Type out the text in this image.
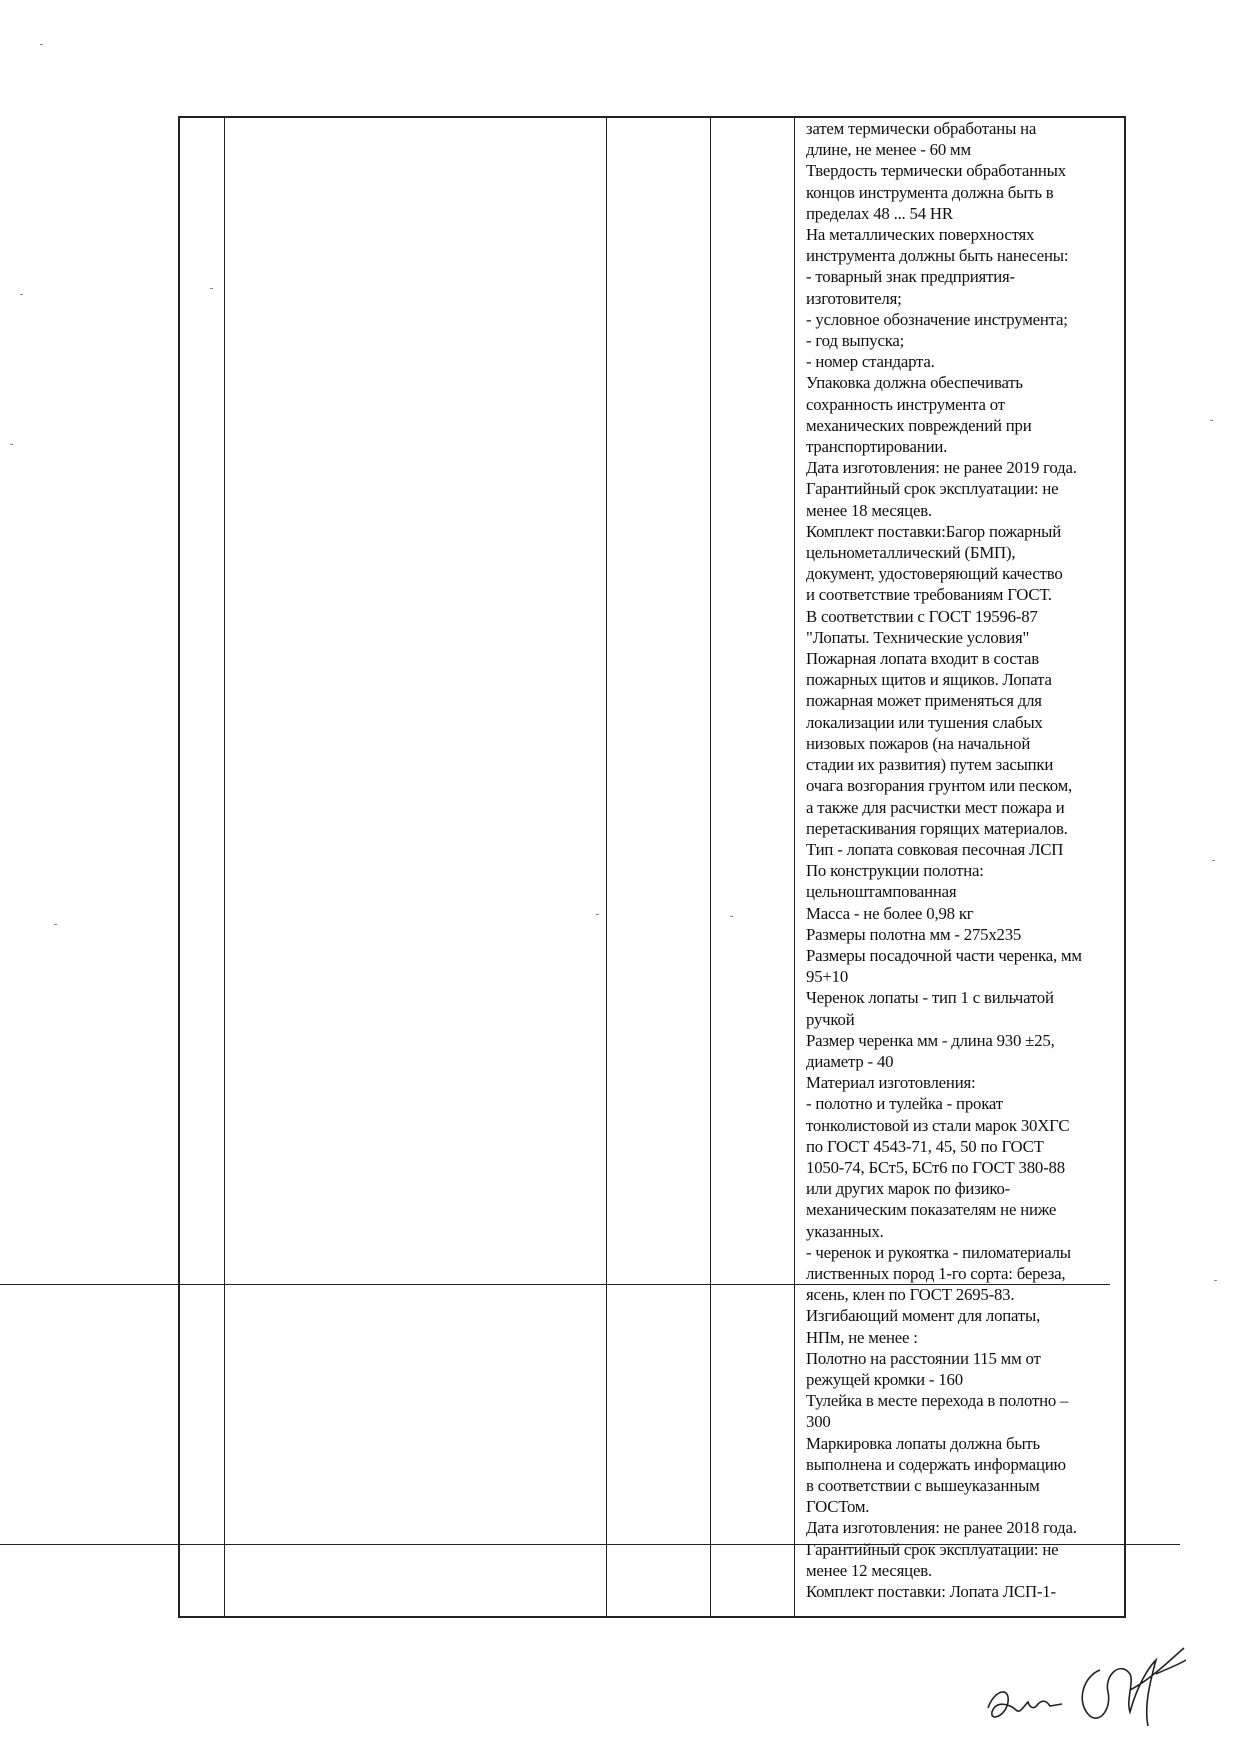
затем термически обработаны на
длине, не менее - 60 мм
Твердость термически обработанных
концов инструмента должна быть в
пределах 48 ... 54 HR
На металлических поверхностях
инструмента должны быть нанесены:
- товарный знак предприятия-
изготовителя;
- условное обозначение инструмента;
- год выпуска;
- номер стандарта.
Упаковка должна обеспечивать
сохранность инструмента от
механических повреждений при
транспортировании.
Дата изготовления: не ранее 2019 года.
Гарантийный срок эксплуатации: не
менее 18 месяцев.
Комплект поставки:Багор пожарный
цельнометаллический (БМП),
документ, удостоверяющий качество
и соответствие требованиям ГОСТ.
В соответствии с ГОСТ 19596-87
"Лопаты. Технические условия"
Пожарная лопата входит в состав
пожарных щитов и ящиков. Лопата
пожарная может применяться для
локализации или тушения слабых
низовых пожаров (на начальной
стадии их развития) путем засыпки
очага возгорания грунтом или песком,
а также для расчистки мест пожара и
перетаскивания горящих материалов.
Тип - лопата совковая песочная ЛСП
По конструкции полотна:
цельноштампованная
Масса - не более 0,98 кг
Размеры полотна мм - 275х235
Размеры посадочной части черенка, мм
95+10
Черенок лопаты - тип 1 с вильчатой
ручкой
Размер черенка мм - длина 930 ±25,
диаметр - 40
Материал изготовления:
- полотно и тулейка - прокат
тонколистовой из стали марок 30ХГС
по ГОСТ 4543-71, 45, 50 по ГОСТ
1050-74, БСт5, БСт6 по ГОСТ 380-88
или других марок по физико-
механическим показателям не ниже
указанных.
- черенок и рукоятка - пиломатериалы
лиственных пород 1-го сорта: береза,
ясень, клен по ГОСТ 2695-83.
Изгибающий момент для лопаты,
НПм, не менее :
Полотно на расстоянии 115 мм от
режущей кромки - 160
Тулейка в месте перехода в полотно –
300
Маркировка лопаты должна быть
выполнена и содержать информацию
в соответствии с вышеуказанным
ГОСТом.
Дата изготовления: не ранее 2018 года.
Гарантийный срок эксплуатации: не
менее 12 месяцев.
Комплект поставки: Лопата ЛСП-1-
